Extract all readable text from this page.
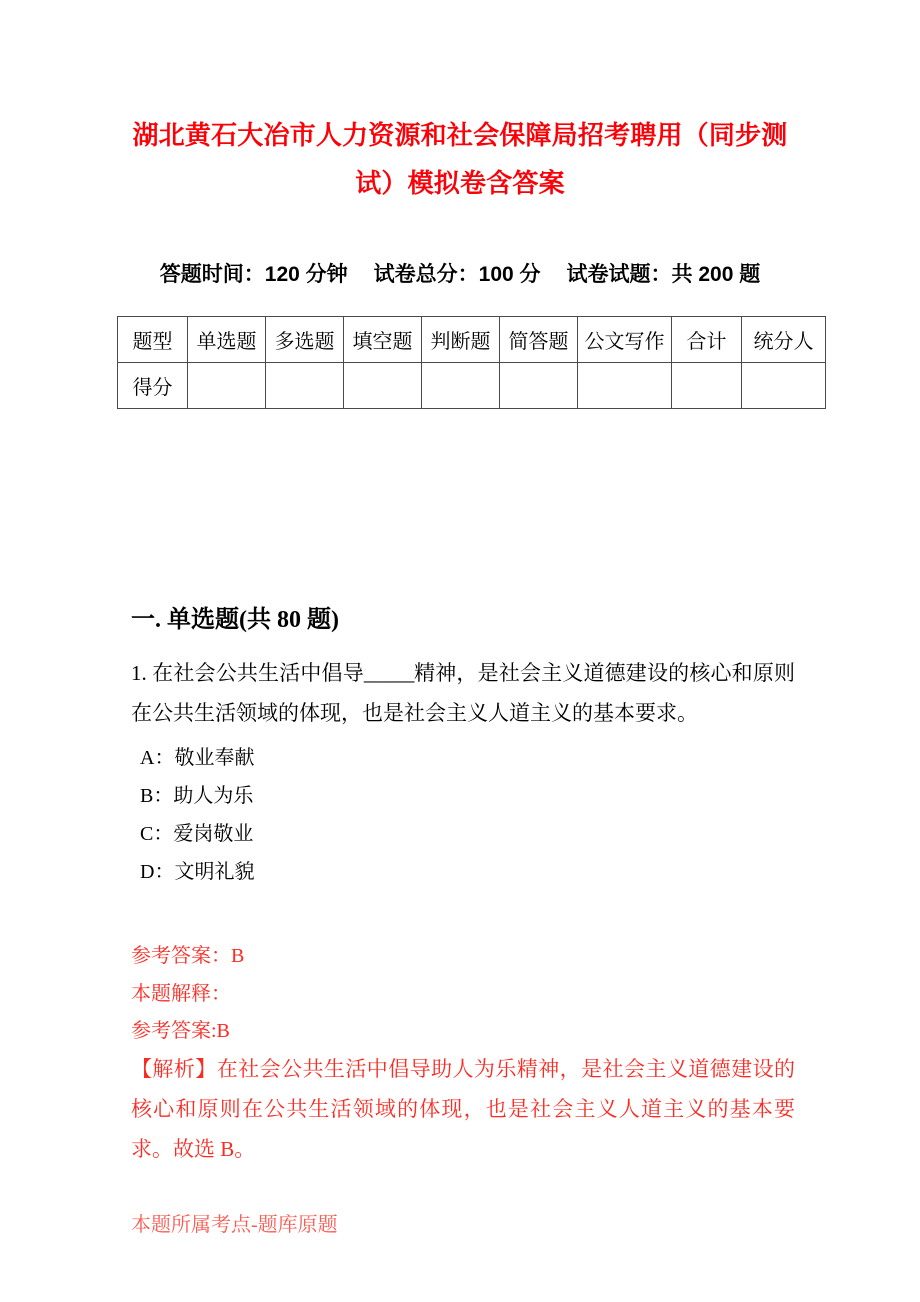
湖北黄石大冶市人力资源和社会保障局招考聘用（同步测试）模拟卷含答案
答题时间：120 分钟 试卷总分：100 分 试卷试题：共 200 题
题型	单选题	多选题	填空题	判断题	简答题	公文写作	合计	统分人
得分								
一. 单选题(共 80 题)

1. 在社会公共生活中倡导_____精神，是社会主义道德建设的核心和原则在公共生活领域的体现，也是社会主义人道主义的基本要求。

A：敬业奉献
B：助人为乐
C：爱岗敬业
D：文明礼貌

参考答案：B

本题解释：

参考答案:B

【解析】在社会公共生活中倡导助人为乐精神，是社会主义道德建设的核心和原则在公共生活领域的体现，也是社会主义人道主义的基本要求。故选 B。

本题所属考点-题库原题
